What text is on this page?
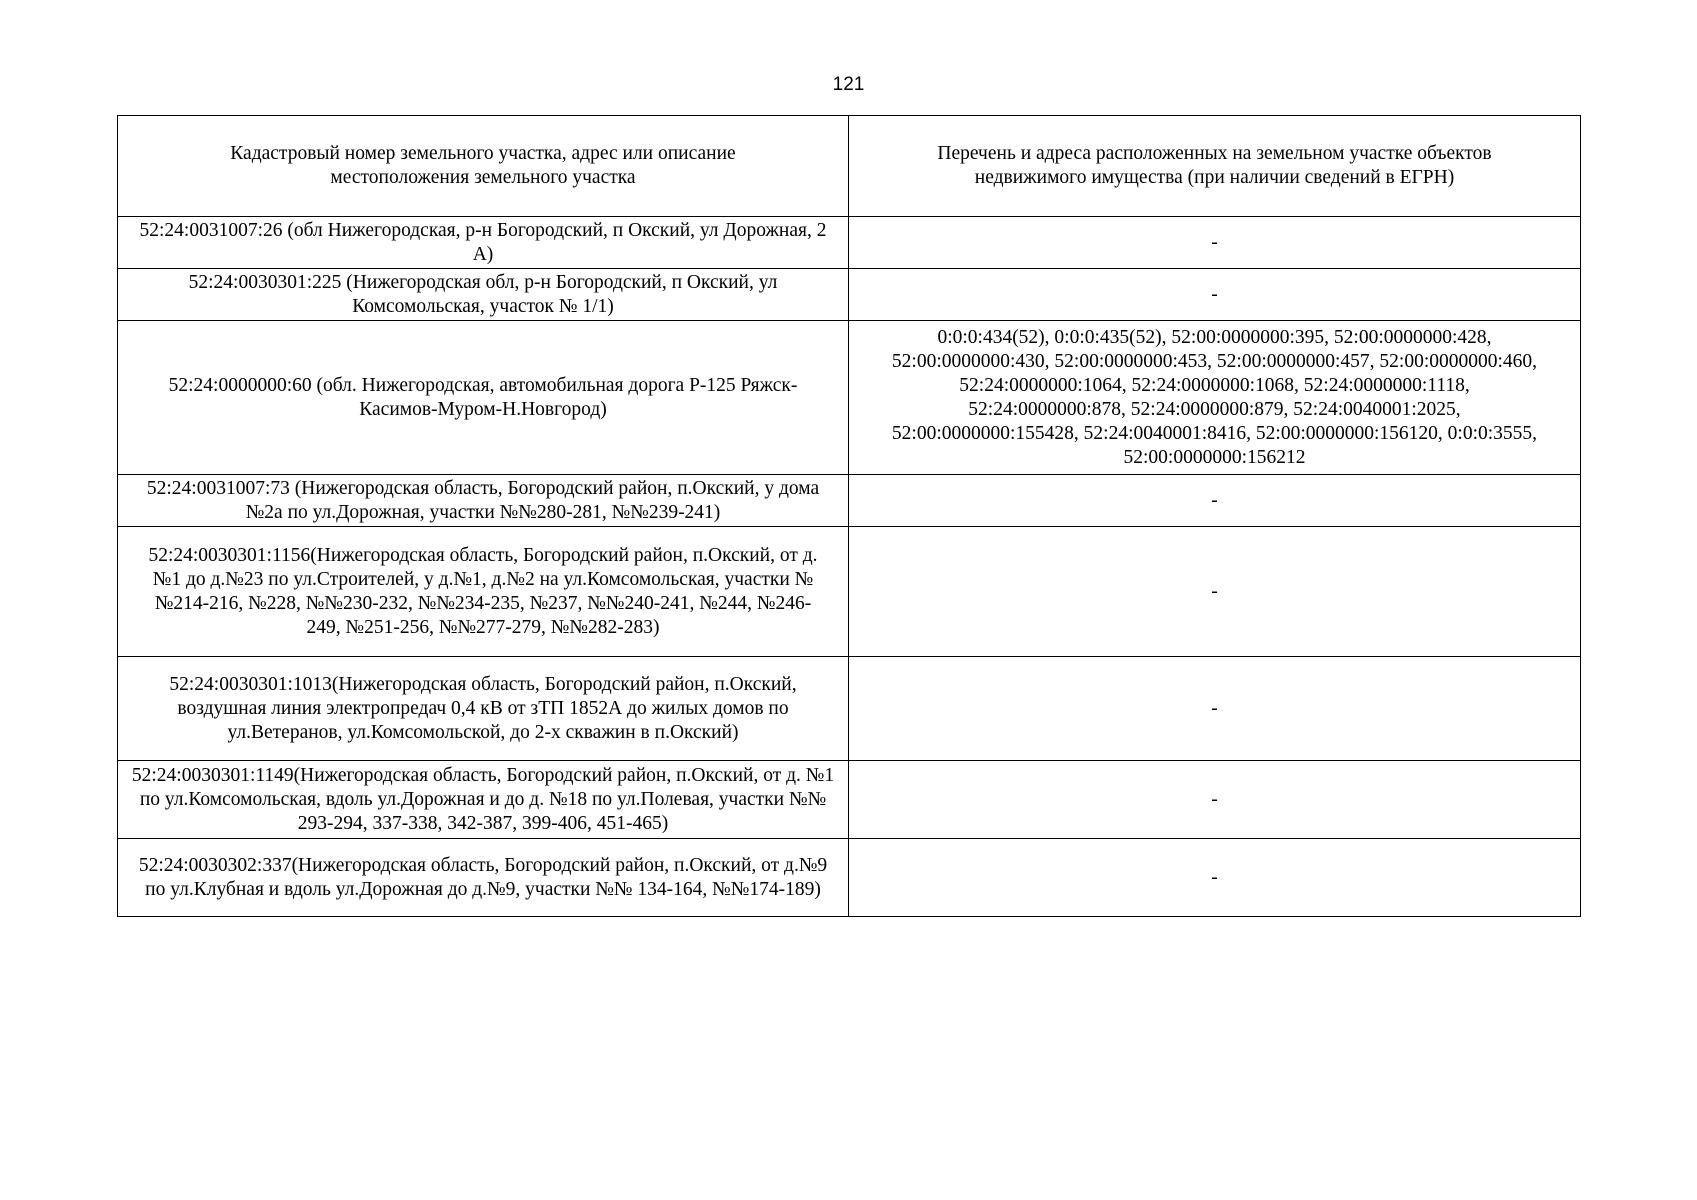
121
Кадастровый номер земельного участка, адрес или описание местоположения земельного участка	Перечень и адреса расположенных на земельном участке объектов недвижимого имущества (при наличии сведений в ЕГРН)

52:24:0031007:26 (обл Нижегородская, р-н Богородский, п Окский, ул Дорожная, 2 А)	-

52:24:0030301:225 (Нижегородская обл, р-н Богородский, п Окский, ул Комсомольская, участок № 1/1)	-

52:24:0000000:60 (обл. Нижегородская, автомобильная дорога Р-125 Ряжск-Касимов-Муром-Н.Новгород)	0:0:0:434(52), 0:0:0:435(52), 52:00:0000000:395, 52:00:0000000:428, 52:00:0000000:430, 52:00:0000000:453, 52:00:0000000:457, 52:00:0000000:460, 52:24:0000000:1064, 52:24:0000000:1068, 52:24:0000000:1118, 52:24:0000000:878, 52:24:0000000:879, 52:24:0040001:2025, 52:00:0000000:155428, 52:24:0040001:8416, 52:00:0000000:156120, 0:0:0:3555, 52:00:0000000:156212

52:24:0031007:73 (Нижегородская область, Богородский район, п.Окский, у дома №2а по ул.Дорожная, участки №№280-281, №№239-241)	-

52:24:0030301:1156(Нижегородская область, Богородский район, п.Окский, от д.№1 до д.№23 по ул.Строителей, у д.№1, д.№2 на ул.Комсомольская, участки №№214-216, №228, №№230-232, №№234-235, №237, №№240-241, №244, №246-249, №251-256, №№277-279, №№282-283)	-

52:24:0030301:1013(Нижегородская область, Богородский район, п.Окский, воздушная линия электропредач 0,4 кВ от зТП 1852А до жилых домов по ул.Ветеранов, ул.Комсомольской, до 2-х скважин в п.Окский)	-

52:24:0030301:1149(Нижегородская область, Богородский район, п.Окский, от д. №1 по ул.Комсомольская, вдоль ул.Дорожная и до д. №18 по ул.Полевая, участки №№ 293-294, 337-338, 342-387, 399-406, 451-465)	-

52:24:0030302:337(Нижегородская область, Богородский район, п.Окский, от д.№9 по ул.Клубная и вдоль ул.Дорожная до д.№9, участки №№ 134-164, №№174-189)	-
